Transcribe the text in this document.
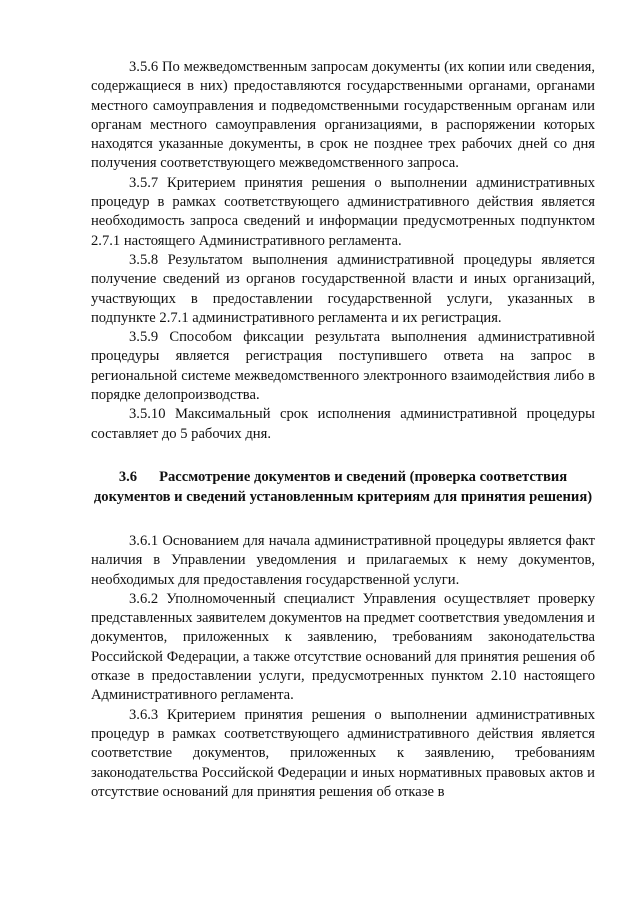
3.5.6 По межведомственным запросам документы (их копии или сведения, содержащиеся в них) предоставляются государственными органами, органами местного самоуправления и подведомственными государственным органам или органам местного самоуправления организациями, в распоряжении которых находятся указанные документы, в срок не позднее трех рабочих дней со дня получения соответствующего межведомственного запроса.

3.5.7 Критерием принятия решения о выполнении административных процедур в рамках соответствующего административного действия является необходимость запроса сведений и информации предусмотренных подпунктом 2.7.1 настоящего Административного регламента.

3.5.8 Результатом выполнения административной процедуры является получение сведений из органов государственной власти и иных организаций, участвующих в предоставлении государственной услуги, указанных в подпункте 2.7.1 административного регламента и их регистрация.

3.5.9 Способом фиксации результата выполнения административной процедуры является регистрация поступившего ответа на запрос в региональной системе межведомственного электронного взаимодействия либо в порядке делопроизводства.

3.5.10 Максимальный срок исполнения административной процедуры составляет до 5 рабочих дня.

3.6 Рассмотрение документов и сведений (проверка соответствия документов и сведений установленным критериям для принятия решения)

3.6.1 Основанием для начала административной процедуры является факт наличия в Управлении уведомления и прилагаемых к нему документов, необходимых для предоставления государственной услуги.

3.6.2 Уполномоченный специалист Управления осуществляет проверку представленных заявителем документов на предмет соответствия уведомления и документов, приложенных к заявлению, требованиям законодательства Российской Федерации, а также отсутствие оснований для принятия решения об отказе в предоставлении услуги, предусмотренных пунктом 2.10 настоящего Административного регламента.

3.6.3 Критерием принятия решения о выполнении административных процедур в рамках соответствующего административного действия является соответствие документов, приложенных к заявлению, требованиям законодательства Российской Федерации и иных нормативных правовых актов и отсутствие оснований для принятия решения об отказе в
